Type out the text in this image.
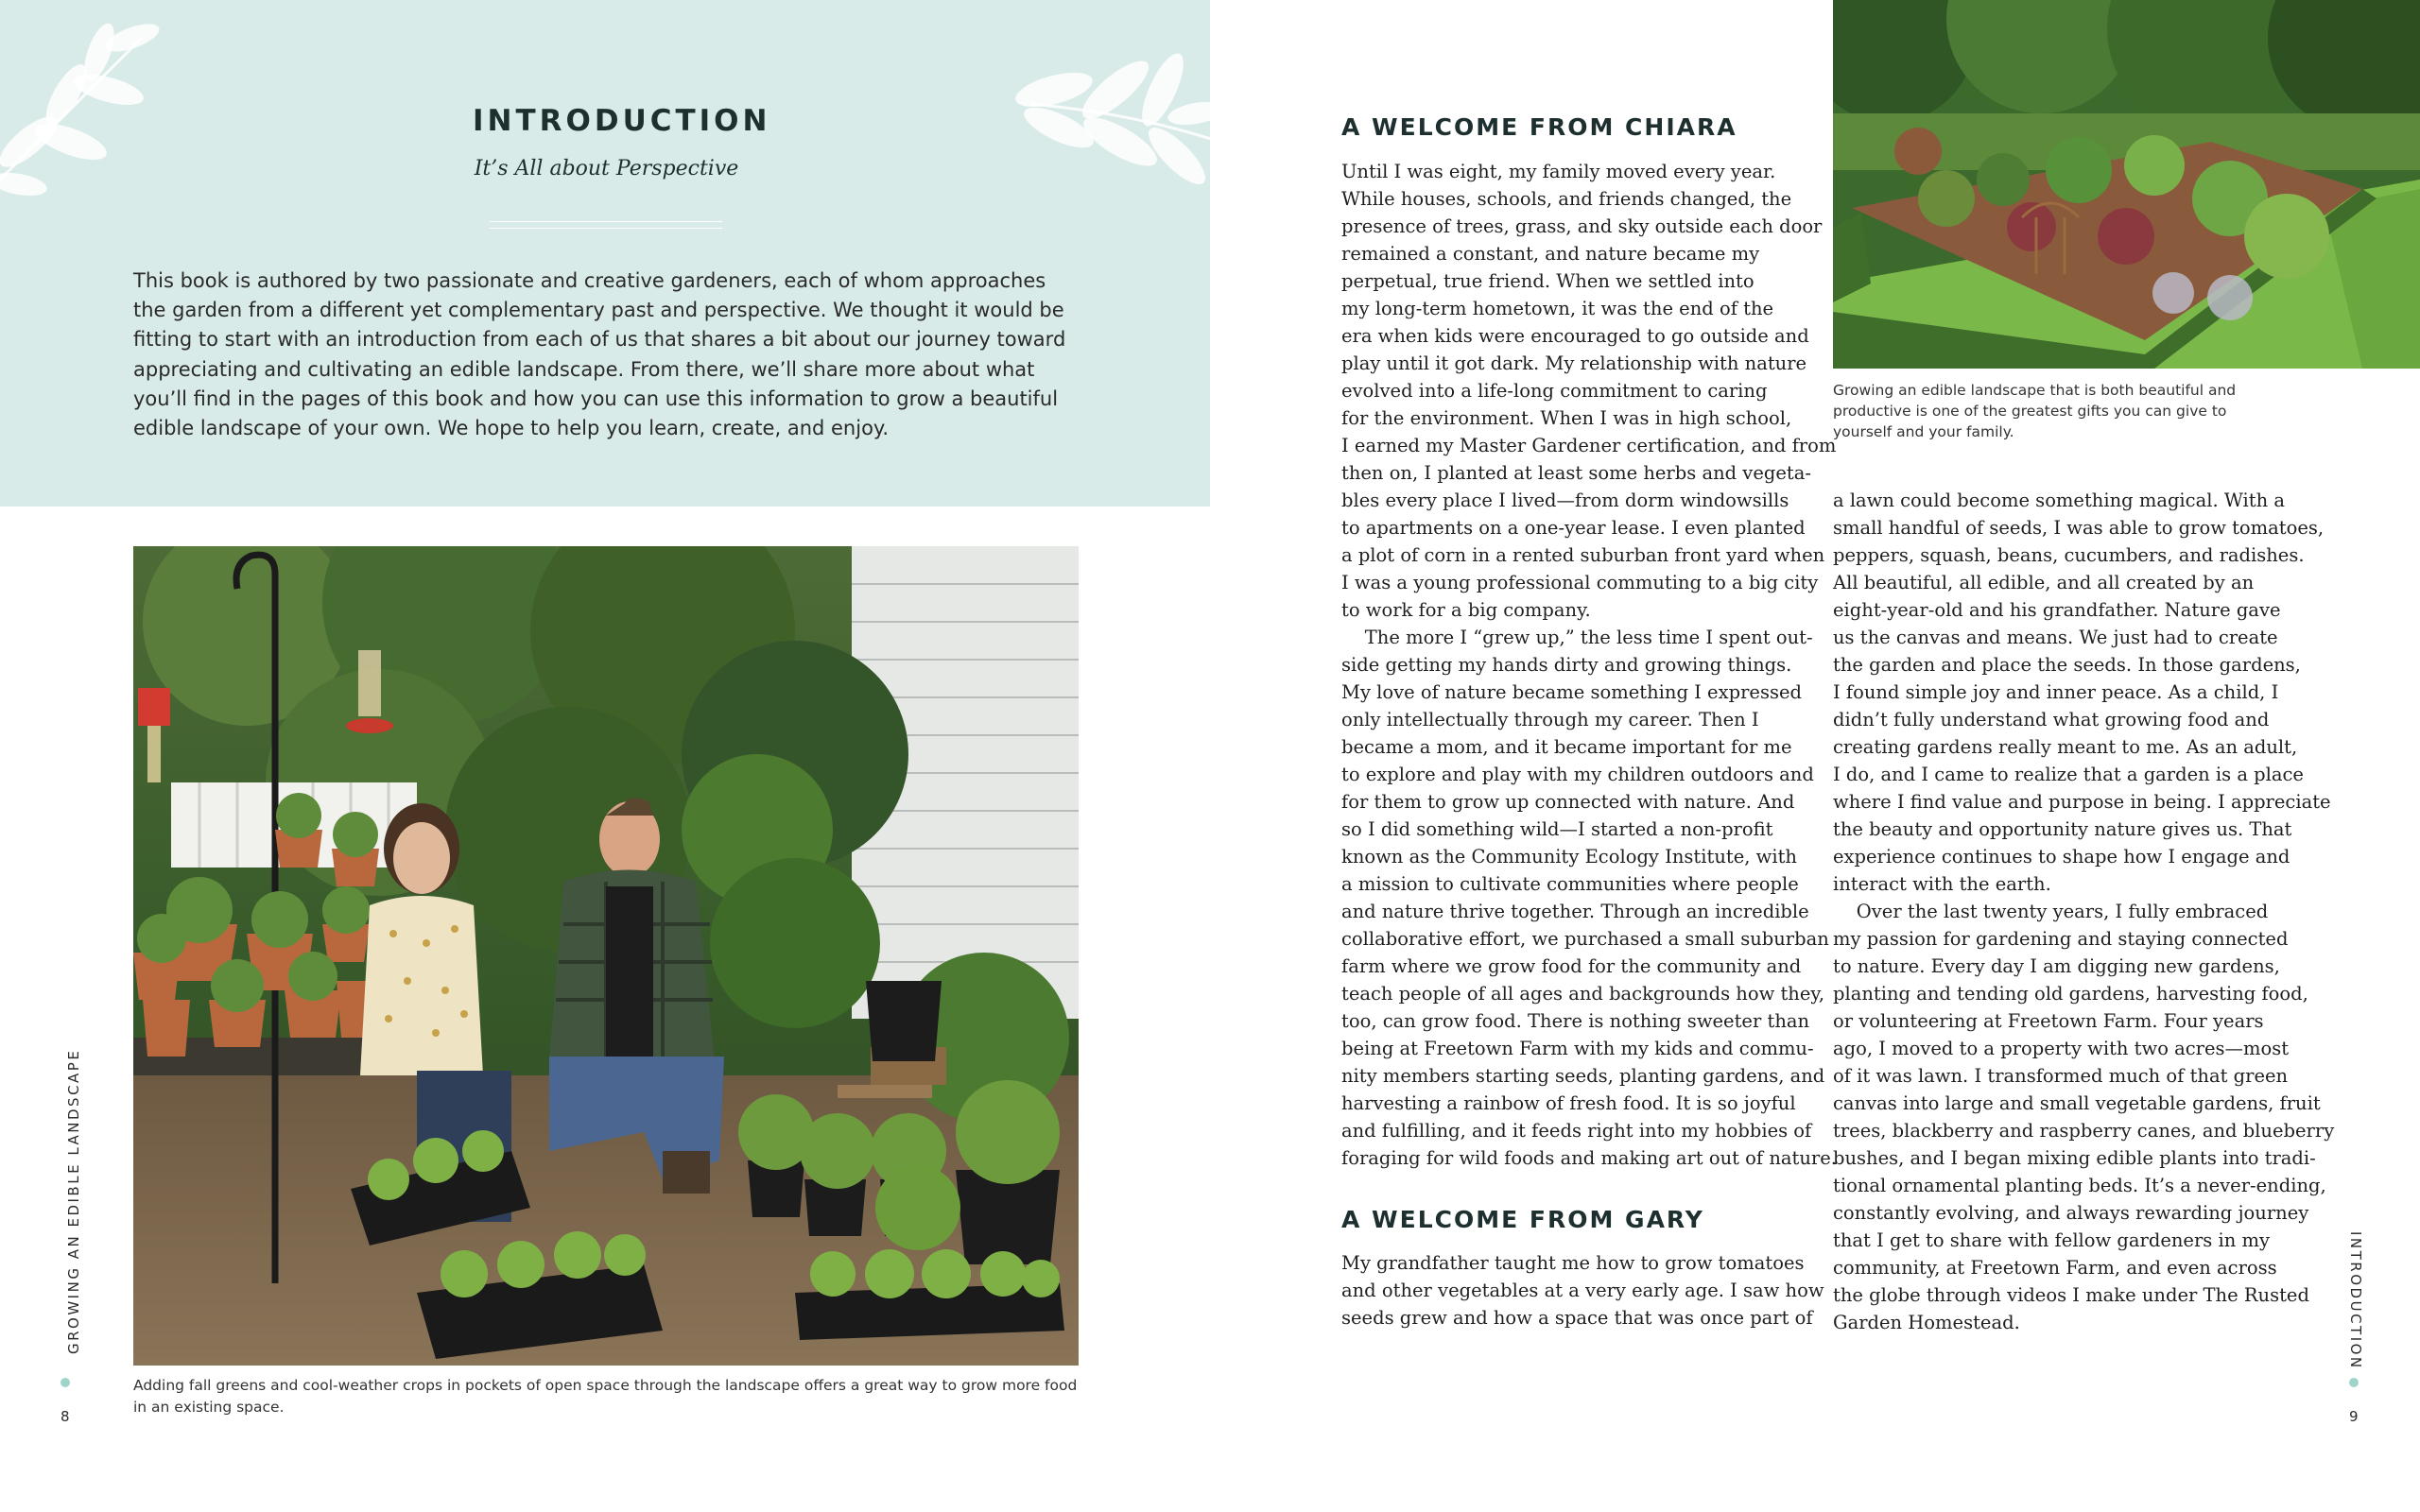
INTRODUCTION
It’s All about Perspective
This book is authored by two passionate and creative gardeners, each of whom approaches the garden from a different yet complementary past and perspective. We thought it would be fitting to start with an introduction from each of us that shares a bit about our journey toward appreciating and cultivating an edible landscape. From there, we’ll share more about what you’ll find in the pages of this book and how you can use this information to grow a beautiful edible landscape of your own. We hope to help you learn, create, and enjoy.
Adding fall greens and cool-weather crops in pockets of open space through the landscape offers a great way to grow more food in an existing space.
GROWING AN EDIBLE LANDSCAPE
8
A WELCOME FROM CHIARA
Until I was eight, my family moved every year.
While houses, schools, and friends changed, the
presence of trees, grass, and sky outside each door
remained a constant, and nature became my
perpetual, true friend. When we settled into
my long-term hometown, it was the end of the
era when kids were encouraged to go outside and
play until it got dark. My relationship with nature
evolved into a life-long commitment to caring
for the environment. When I was in high school,
I earned my Master Gardener certification, and from
then on, I planted at least some herbs and vegeta-
bles every place I lived—from dorm windowsills
to apartments on a one-year lease. I even planted
a plot of corn in a rented suburban front yard when
I was a young professional commuting to a big city
to work for a big company.
The more I “grew up,” the less time I spent out-
side getting my hands dirty and growing things.
My love of nature became something I expressed
only intellectually through my career. Then I
became a mom, and it became important for me
to explore and play with my children outdoors and
for them to grow up connected with nature. And
so I did something wild—I started a non-profit
known as the Community Ecology Institute, with
a mission to cultivate communities where people
and nature thrive together. Through an incredible
collaborative effort, we purchased a small suburban
farm where we grow food for the community and
teach people of all ages and backgrounds how they,
too, can grow food. There is nothing sweeter than
being at Freetown Farm with my kids and commu-
nity members starting seeds, planting gardens, and
harvesting a rainbow of fresh food. It is so joyful
and fulfilling, and it feeds right into my hobbies of
foraging for wild foods and making art out of nature.
A WELCOME FROM GARY
My grandfather taught me how to grow tomatoes
and other vegetables at a very early age. I saw how
seeds grew and how a space that was once part of
Growing an edible landscape that is both beautiful and productive is one of the greatest gifts you can give to yourself and your family.
a lawn could become something magical. With a
small handful of seeds, I was able to grow tomatoes,
peppers, squash, beans, cucumbers, and radishes.
All beautiful, all edible, and all created by an
eight-year-old and his grandfather. Nature gave
us the canvas and means. We just had to create
the garden and place the seeds. In those gardens,
I found simple joy and inner peace. As a child, I
didn’t fully understand what growing food and
creating gardens really meant to me. As an adult,
I do, and I came to realize that a garden is a place
where I find value and purpose in being. I appreciate
the beauty and opportunity nature gives us. That
experience continues to shape how I engage and
interact with the earth.
Over the last twenty years, I fully embraced
my passion for gardening and staying connected
to nature. Every day I am digging new gardens,
planting and tending old gardens, harvesting food,
or volunteering at Freetown Farm. Four years
ago, I moved to a property with two acres—most
of it was lawn. I transformed much of that green
canvas into large and small vegetable gardens, fruit
trees, blackberry and raspberry canes, and blueberry
bushes, and I began mixing edible plants into tradi-
tional ornamental planting beds. It’s a never-ending,
constantly evolving, and always rewarding journey
that I get to share with fellow gardeners in my
community, at Freetown Farm, and even across
the globe through videos I make under The Rusted
Garden Homestead.	INTRODUCTION
9
